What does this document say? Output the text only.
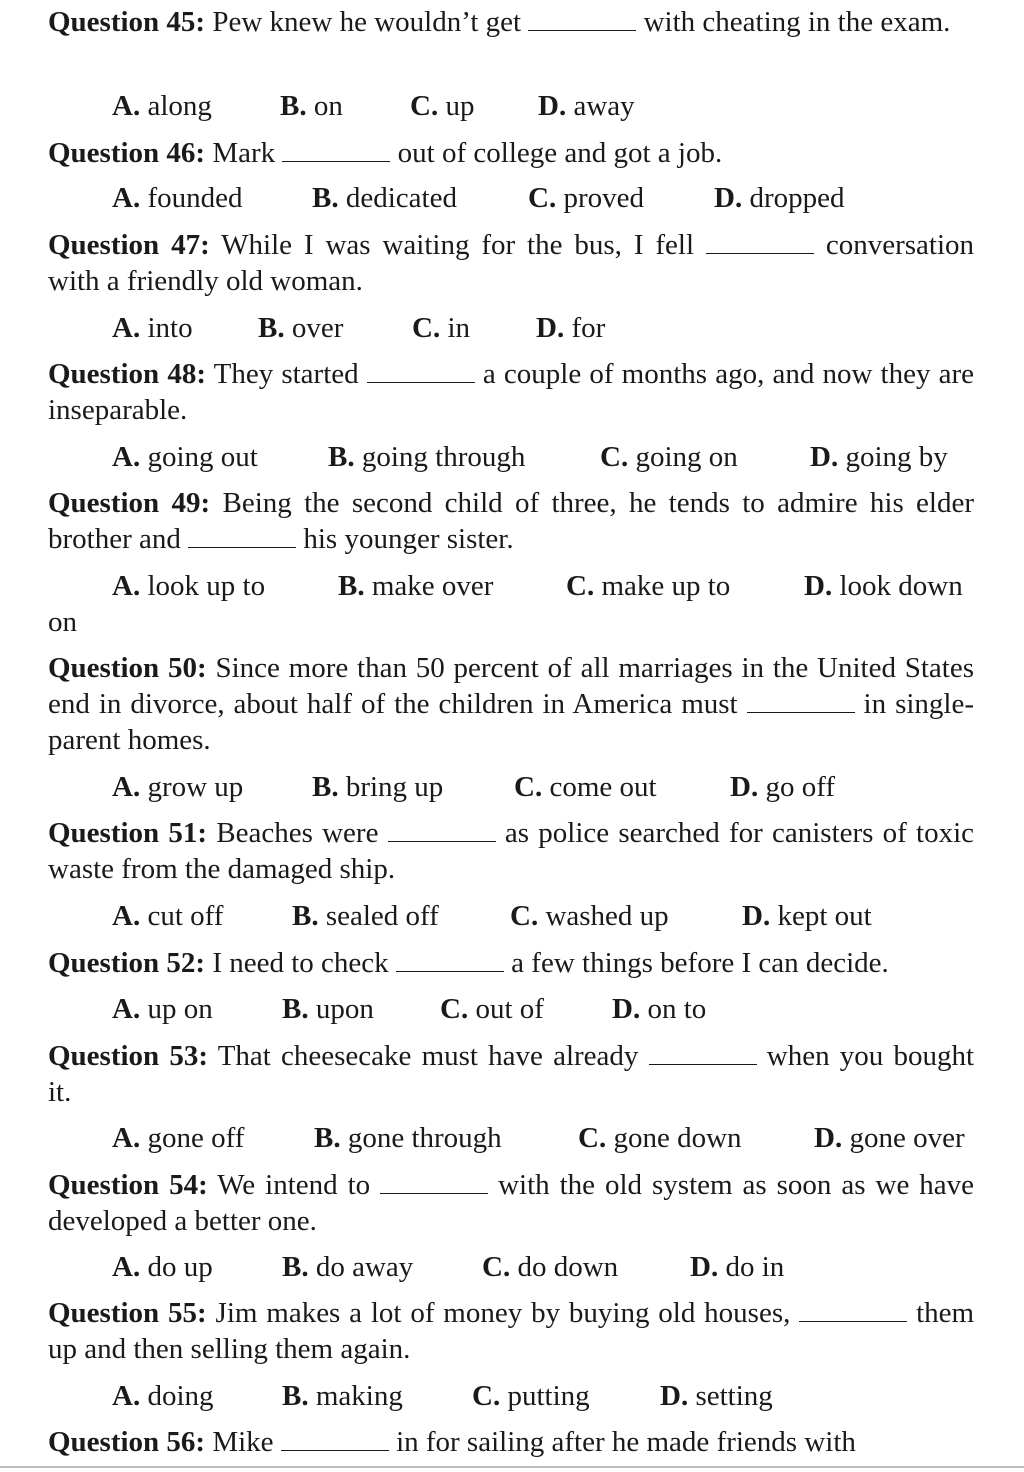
Question 45: Pew knew he wouldn’t get	with cheating in the exam.
A. along B. on C. up D. away
Question 46: Mark	out of college and got a job.
A. founded B. dedicated C. proved D. dropped
Question 47: While I was waiting for the bus, I fell	conversation with a friendly old woman.
A. into B. over C. in D. for
Question 48: They started	a couple of months ago, and now they are inseparable.
A. going out B. going through	C. going on D. going by
Question 49: Being the second child of three, he tends to admire his elder brother and	his younger sister.
A. look up to	B. make over	C. make up to	D. look down
on
Question 50: Since more than 50 percent of all marriages in the United States end in divorce, about half of the children in America must	in single-parent homes.
A. grow up B. bring up C. come out	D. go off
Question 51: Beaches were	as police searched for canisters of toxic waste from the damaged ship.
A. cut off B. sealed off C. washed up	D. kept out
Question 52: I need to check	a few things before I can decide.
A. up on B. upon C. out of D. on to
Question 53: That cheesecake must have already	when you bought it.
A. gone off B. gone through	C. gone down D. gone over
Question 54: We intend to	with the old system as soon as we have developed a better one.
A. do up B. do away C. do down D. do in
Question 55: Jim makes a lot of money by buying old houses,	them up and then selling them again.
A. doing B. making C. putting D. setting
Question 56: Mike	in for sailing after he made friends with
